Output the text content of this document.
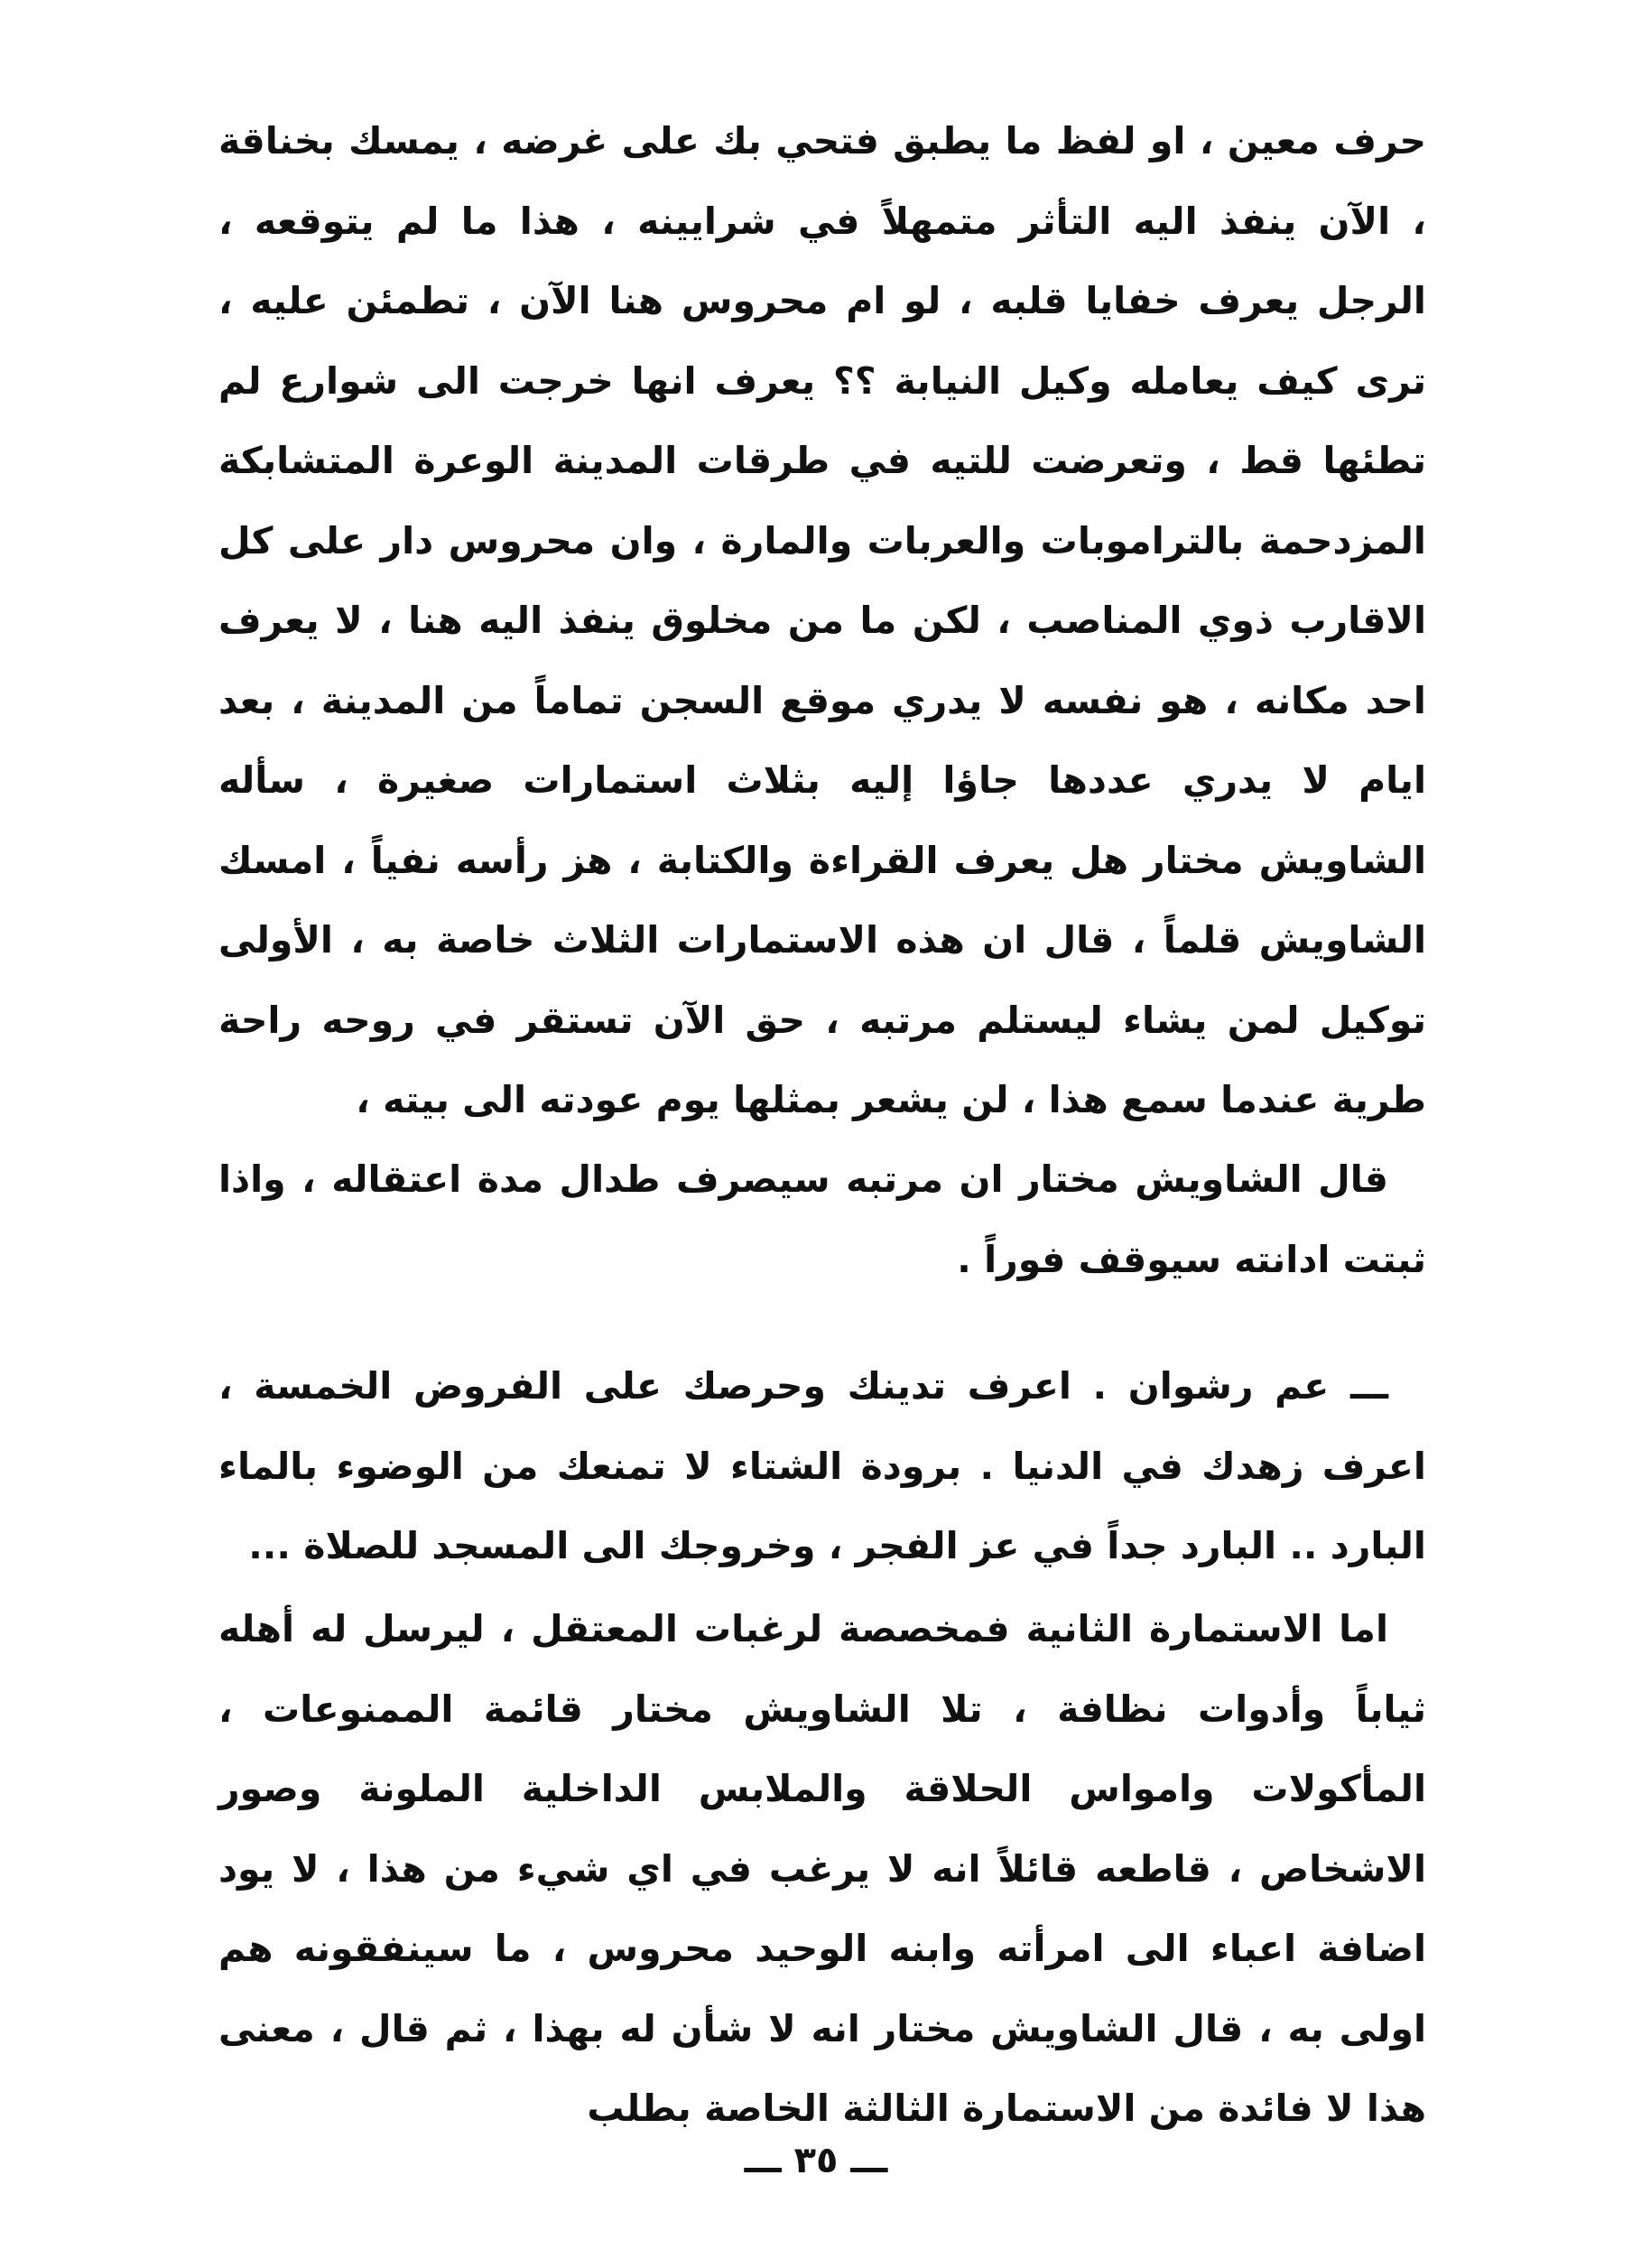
حرف معين ، او لفظ ما يطبق فتحي بك على غرضه ، يمسك بخناقة ، الآن ينفذ اليه التأثر متمهلاً في شرايينه ، هذا ما لم يتوقعه ، الرجل يعرف خفايا قلبه ، لو ام محروس هنا الآن ، تطمئن عليه ، ترى كيف يعامله وكيل النيابة ؟؟ يعرف انها خرجت الى شوارع لم تطئها قط ، وتعرضت للتيه في طرقات المدينة الوعرة المتشابكة المزدحمة بالتراموبات والعربات والمارة ، وان محروس دار على كل الاقارب ذوي المناصب ، لكن ما من مخلوق ينفذ اليه هنا ، لا يعرف احد مكانه ، هو نفسه لا يدري موقع السجن تماماً من المدينة ، بعد ايام لا يدري عددها جاؤا إليه بثلاث استمارات صغيرة ، سأله الشاويش مختار هل يعرف القراءة والكتابة ، هز رأسه نفياً ، امسك الشاويش قلماً ، قال ان هذه الاستمارات الثلاث خاصة به ، الأولى توكيل لمن يشاء ليستلم مرتبه ، حق الآن تستقر في روحه راحة طرية عندما سمع هذا ، لن يشعر بمثلها يوم عودته الى بيته ،

قال الشاويش مختار ان مرتبه سيصرف طدال مدة اعتقاله ، واذا ثبتت ادانته سيوقف فوراً .

ـــ عم رشوان . اعرف تدينك وحرصك على الفروض الخمسة ، اعرف زهدك في الدنيا . برودة الشتاء لا تمنعك من الوضوء بالماء البارد .. البارد جداً في عز الفجر ، وخروجك الى المسجد للصلاة ...

اما الاستمارة الثانية فمخصصة لرغبات المعتقل ، ليرسل له أهله ثياباً وأدوات نظافة ، تلا الشاويش مختار قائمة الممنوعات ، المأكولات وامواس الحلاقة والملابس الداخلية الملونة وصور الاشخاص ، قاطعه قائلاً انه لا يرغب في اي شيء من هذا ، لا يود اضافة اعباء الى امرأته وابنه الوحيد محروس ، ما سينفقونه هم اولى به ، قال الشاويش مختار انه لا شأن له بهذا ، ثم قال ، معنى هذا لا فائدة من الاستمارة الثالثة الخاصة بطلب

ـــ ٣٥ ـــ
